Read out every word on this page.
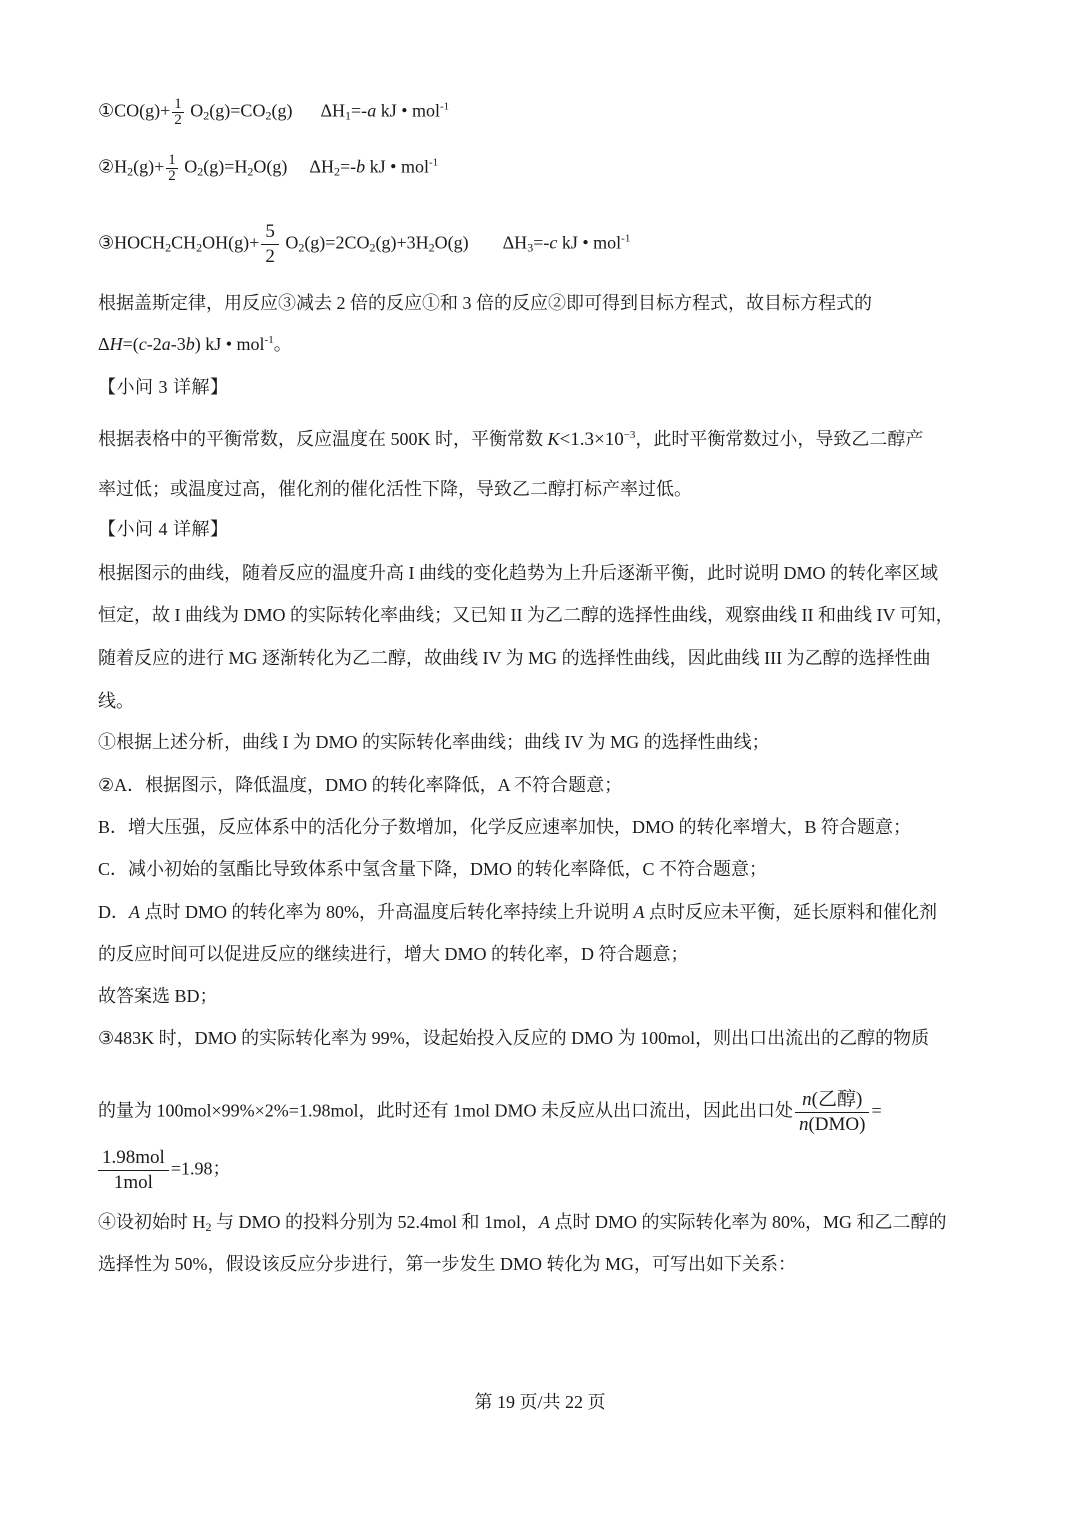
①CO(g)+ $\frac{1}{2} O_2(g)=CO_2(g)$ $\Delta H_1=-a$ kJ • mol$^{-1}$
$②H_2(g)+ \frac{1}{2} O_2(g)=H_2O(g)$ $\Delta H_2=-b$ kJ • mol$^{-1}$
$③HOCH_2CH_2OH(g)+ \frac{5}{2} O_2(g)=2CO_2(g)+3H_2O(g)$ $\Delta H_3=-c$ kJ • mol$^{-1}$
根据盖斯定律，用反应③减去 2 倍的反应①和 3 倍的反应②即可得到目标方程式，故目标方程式的
ΔH=(c-2a-3b) kJ • mol$^{-1}$。
【小问 3 详解】
根据表格中的平衡常数，反应温度在 500K 时，平衡常数 $K<1.3\times 10^{-3}$，此时平衡常数过小，导致乙二醇产
率过低；或温度过高，催化剂的催化活性下降，导致乙二醇打标产率过低。
【小问 4 详解】
根据图示的曲线，随着反应的温度升高 I 曲线的变化趋势为上升后逐渐平衡，此时说明 DMO 的转化率区域
恒定，故 I 曲线为 DMO 的实际转化率曲线；又已知 II 为乙二醇的选择性曲线，观察曲线 II 和曲线 IV 可知，
随着反应的进行 MG 逐渐转化为乙二醇，故曲线 IV 为 MG 的选择性曲线，因此曲线 III 为乙醇的选择性曲
线。
①根据上述分析，曲线 I 为 DMO 的实际转化率曲线；曲线 IV 为 MG 的选择性曲线；
②A．根据图示，降低温度，DMO 的转化率降低，A 不符合题意；
B．增大压强，反应体系中的活化分子数增加，化学反应速率加快，DMO 的转化率增大，B 符合题意；
C．减小初始的氢酯比导致体系中氢含量下降，DMO 的转化率降低，C 不符合题意；
D．A 点时 DMO 的转化率为 80%，升高温度后转化率持续上升说明 A 点时反应未平衡，延长原料和催化剂
的反应时间可以促进反应的继续进行，增大 DMO 的转化率，D 符合题意；
故答案选 BD；
③483K 时，DMO 的实际转化率为 99%，设起始投入反应的 DMO 为 100mol，则出口出流出的乙醇的物质
的量为 100mol×99%×2%=1.98mol，此时还有 1mol DMO 未反应从出口流出，因此出口处 $\frac{\text{n(乙醇)}}{\text{n(DMO)}}$ =
$\frac{\text{1.98mol}}{\text{1mol}} =1.98$；
④设初始时 $H_2$ 与 DMO 的投料分别为 52.4mol 和 1mol，A 点时 DMO 的实际转化率为 80%，MG 和乙二醇的
选择性为 50%，假设该反应分步进行，第一步发生 DMO 转化为 MG，可写出如下关系：
第 19 页/共 22 页
